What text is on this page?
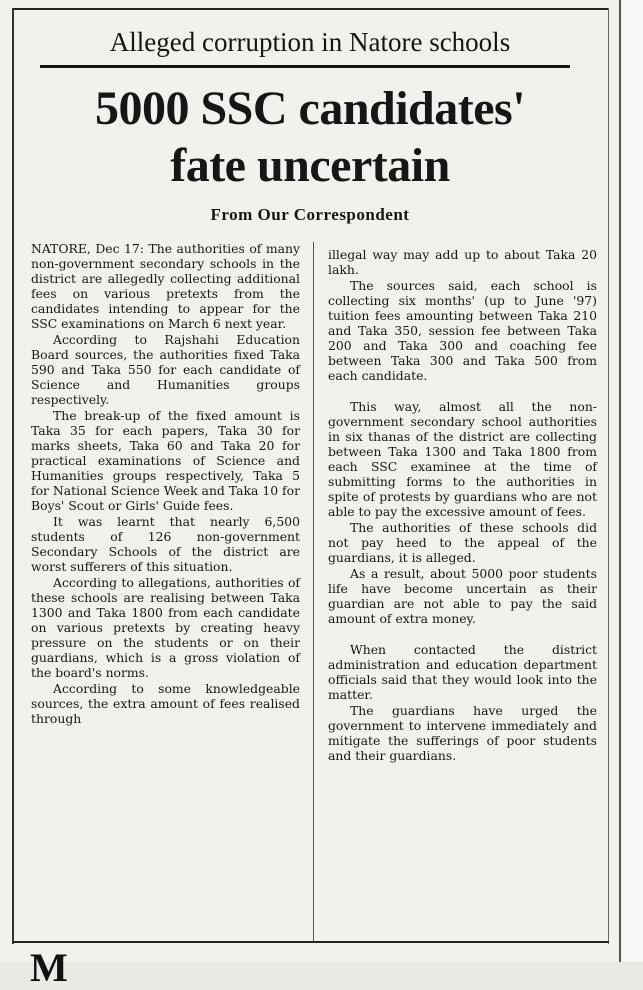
Alleged corruption in Natore schools
5000 SSC candidates'
fate uncertain
From Our Correspondent

NATORE, Dec 17: The authorities of many non-government secondary schools in the district are allegedly collecting additional fees on various pretexts from the candidates intending to appear for the SSC examinations on March 6 next year.

According to Rajshahi Education Board sources, the authorities fixed Taka 590 and Taka 550 for each candidate of Science and Humanities groups respectively.

The break-up of the fixed amount is Taka 35 for each papers, Taka 30 for marks sheets, Taka 60 and Taka 20 for practical examinations of Science and Humanities groups respectively, Taka 5 for National Science Week and Taka 10 for Boys' Scout or Girls' Guide fees.

It was learnt that nearly 6,500 students of 126 non-government Secondary Schools of the district are worst sufferers of this situation.

According to allegations, authorities of these schools are realising between Taka 1300 and Taka 1800 from each candidate on various pretexts by creating heavy pressure on the students or on their guardians, which is a gross violation of the board's norms.

According to some knowledgeable sources, the extra amount of fees realised through

illegal way may add up to about Taka 20 lakh.

The sources said, each school is collecting six months' (up to June '97) tuition fees amounting between Taka 210 and Taka 350, session fee between Taka 200 and Taka 300 and coaching fee between Taka 300 and Taka 500 from each candidate.

This way, almost all the non-government secondary school authorities in six thanas of the district are collecting between Taka 1300 and Taka 1800 from each SSC examinee at the time of submitting forms to the authorities in spite of protests by guardians who are not able to pay the excessive amount of fees.

The authorities of these schools did not pay heed to the appeal of the guardians, it is alleged.

As a result, about 5000 poor students life have become uncertain as their guardian are not able to pay the said amount of extra money.

When contacted the district administration and education department officials said that they would look into the matter.

The guardians have urged the government to intervene immediately and mitigate the sufferings of poor students and their guardians.

M
